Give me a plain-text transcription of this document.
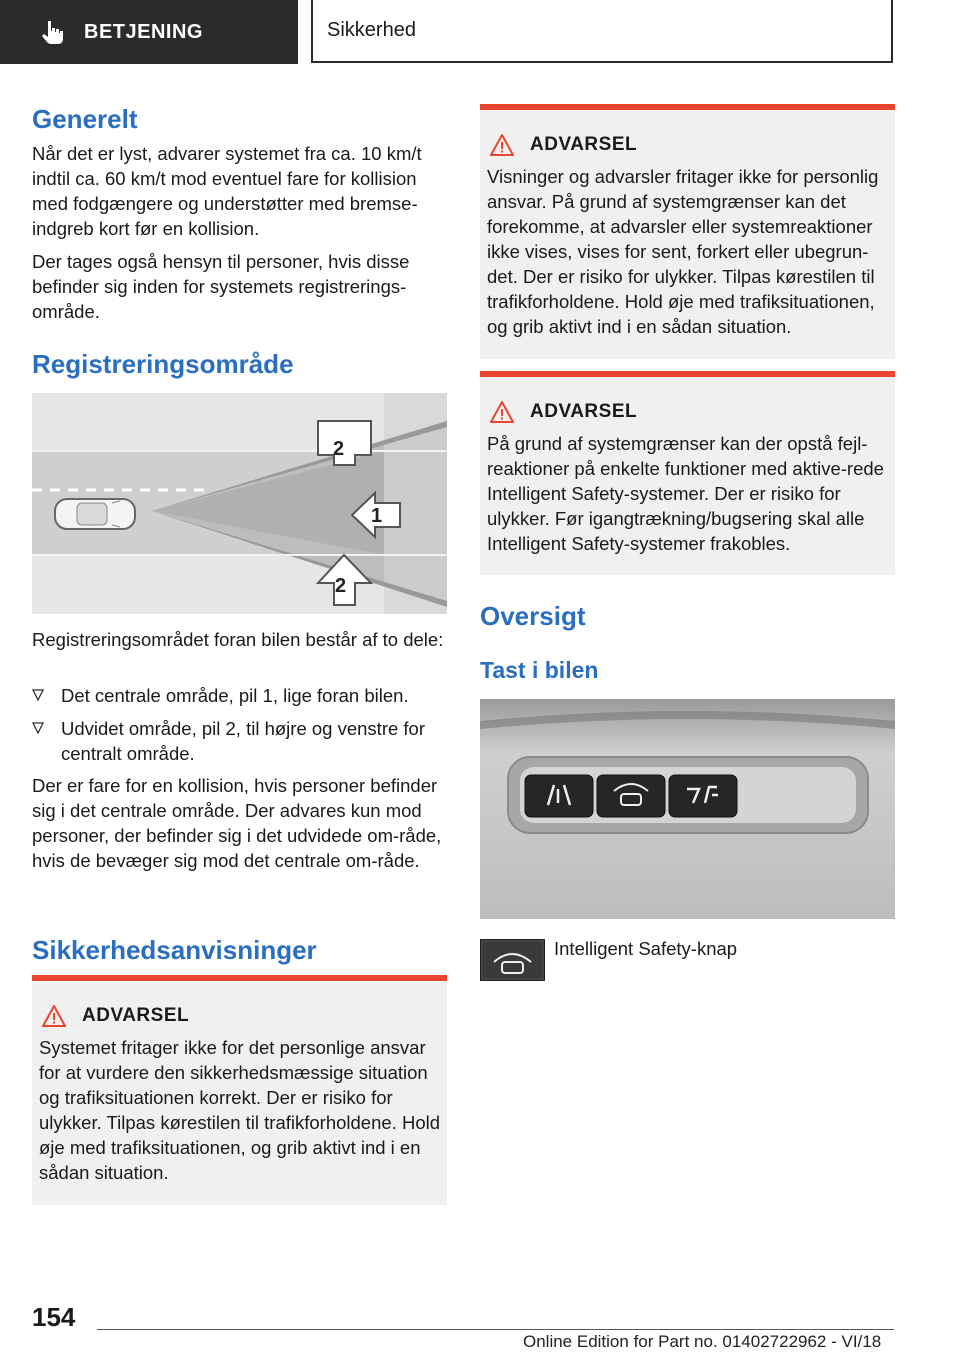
BETJENING	Sikkerhed
Generelt

Når det er lyst, advarer systemet fra ca. 10 km/t indtil ca. 60 km/t mod eventuel fare for kollision med fodgængere og understøtter med bremse‐indgreb kort før en kollision.

Der tages også hensyn til personer, hvis disse befinder sig inden for systemets registrerings‐område.

Registreringsområde
2
1
2

Registreringsområdet foran bilen består af to dele:

Det centrale område, pil 1, lige foran bilen.
Udvidet område, pil 2, til højre og venstre for centralt område.

Der er fare for en kollision, hvis personer befinder sig i det centrale område. Der advares kun mod personer, der befinder sig i det udvidede om‐råde, hvis de bevæger sig mod det centrale om‐råde.

Sikkerhedsanvisninger
ADVARSEL

Systemet fritager ikke for det personlige ansvar for at vurdere den sikkerhedsmæssige situation og trafiksituationen korrekt. Der er risiko for ulykker. Tilpas kørestilen til trafikforholdene. Hold øje med trafiksituationen, og grib aktivt ind i en sådan situation.

ADVARSEL

Visninger og advarsler fritager ikke for personlig ansvar. På grund af systemgrænser kan det forekomme, at advarsler eller systemreaktioner ikke vises, vises for sent, forkert eller ubegrun‐det. Der er risiko for ulykker. Tilpas kørestilen til trafikforholdene. Hold øje med trafiksituationen, og grib aktivt ind i en sådan situation.

ADVARSEL

På grund af systemgrænser kan der opstå fejl‐reaktioner på enkelte funktioner med aktive‐rede Intelligent Safety-systemer. Der er risiko for ulykker. Før igangtrækning/bugsering skal alle Intelligent Safety-systemer frakobles.

Oversigt
Tast i bilen

Intelligent Safety-knap

154
Online Edition for Part no. 01402722962 - VI/18
